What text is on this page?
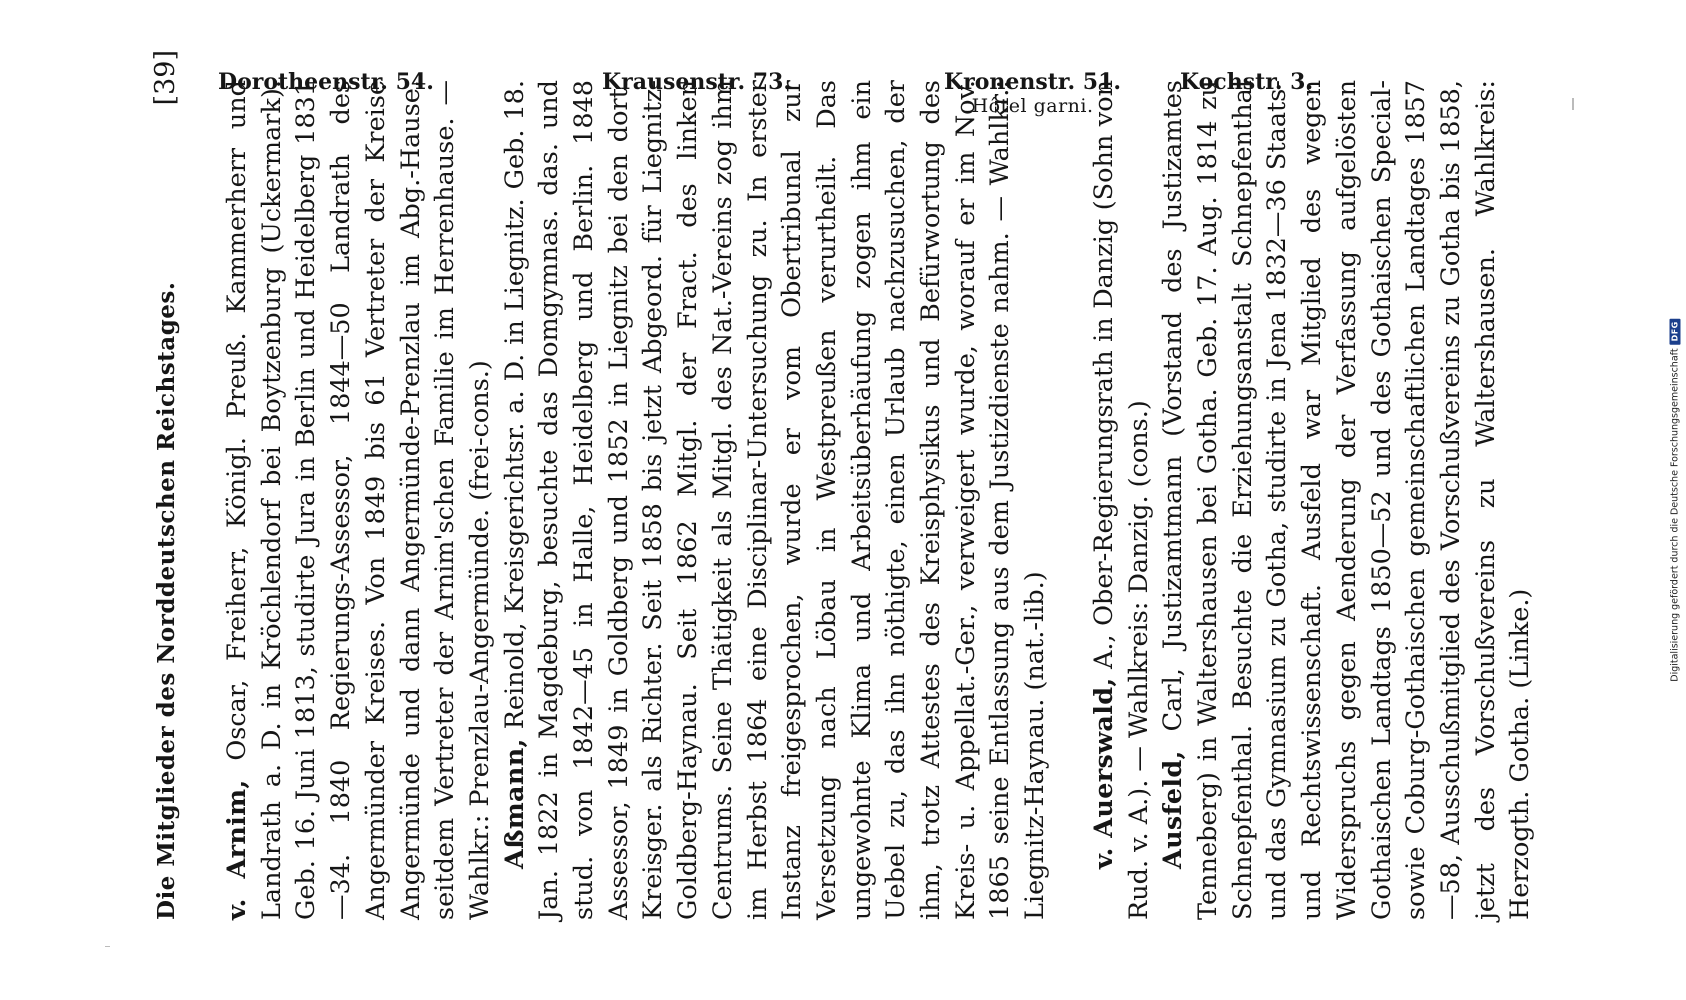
Dorotheenstr. 54.	Krausenstr. 73.	Kronenstr. 51.
Hôtel garni.
Kochstr. 3.
Die Mitglieder des Norddeutschen Reichstages.
[39]

v. Arnim, Oscar, Freiherr, Königl. Preuß. Kammerherr und Landrath a. D. in Kröchlendorf bei Boytzenburg (Uckermark). Geb. 16. Juni 1813, studirte Jura in Berlin und Heidelberg 1831—34. 1840 Regierungs-Assessor, 1844—50 Landrath des Angermünder Kreises. Von 1849 bis 61 Vertreter der Kreise Angermünde und dann Angermünde-Prenzlau im Abg.-Hause, seitdem Vertreter der Arnim'schen Familie im Herrenhause. — Wahlkr.: Prenzlau-Angermünde. (frei-cons.) Aßmann, Reinold, Kreisgerichtsr. a. D. in Liegnitz. Geb. 18. Jan. 1822 in Magdeburg, besuchte das Domgymnas. das. und stud. von 1842—45 in Halle, Heidelberg und Berlin. 1848 Assessor, 1849 in Goldberg und 1852 in Liegnitz bei den dort. Kreisger. als Richter. Seit 1858 bis jetzt Abgeord. für Liegnitz-Goldberg-Haynau. Seit 1862 Mitgl. der Fract. des linken Centrums. Seine Thätigkeit als Mitgl. des Nat.-Vereins zog ihm im Herbst 1864 eine Disciplinar-Untersuchung zu. In erster Instanz freigesprochen, wurde er vom Obertribunal zur Versetzung nach Löbau in Westpreußen verurtheilt. Das ungewohnte Klima und Arbeitsüberhäufung zogen ihm ein Uebel zu, das ihn nöthigte, einen Urlaub nachzusuchen, der ihm, trotz Attestes des Kreisphysikus und Befürwortung des Kreis- u. Appellat.-Ger., verweigert wurde, worauf er im Nov. 1865 seine Entlassung aus dem Justizdienste nahm. — Wahlkr.: Liegnitz-Haynau. (nat.-lib.) v. Auerswald, A., Ober-Regierungsrath in Danzig (Sohn von Rud. v. A.). — Wahlkreis: Danzig. (cons.) Ausfeld, Carl, Justizamtmann (Vorstand des Justizamtes Tenneberg) in Waltershausen bei Gotha. Geb. 17. Aug. 1814 zu Schnepfenthal. Besuchte die Erziehungsanstalt Schnepfenthal und das Gymnasium zu Gotha, studirte in Jena 1832—36 Staats- und Rechtswissenschaft. Ausfeld war Mitglied des wegen Widerspruchs gegen Aenderung der Verfassung aufgelösten Gothaischen Landtags 1850—52 und des Gothaischen Special- sowie Coburg-Gothaischen gemeinschaftlichen Landtages 1857—58, Ausschußmitglied des Vorschußvereins zu Gotha bis 1858, jetzt des Vorschußvereins zu Waltershausen. Wahlkreis: Herzogth. Gotha. (Linke.)

Digitalisierung gefördert durch die Deutsche Forschungsgemeinschaft
DFG
